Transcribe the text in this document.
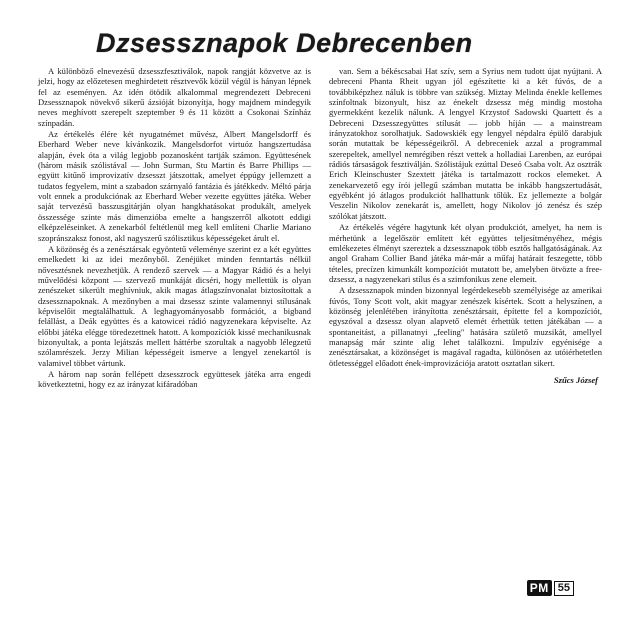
Dzsessznapok Debrecenben

A különböző elnevezésű dzsesszfesztiválok, napok rangját közvetve az is jelzi, hogy az előzetesen meghirdetett résztvevők közül végül is hányan lépnek fel az eseményen. Az idén ötödik alkalommal megrendezett Debreceni Dzsessznapok növekvő sikerű ázsióját bizonyítja, hogy majdnem mindegyik neves meghívott szerepelt szeptember 9 és 11 között a Csokonai Színház színpadán.

Az értékelés élére két nyugatnémet művész, Albert Mangelsdorff és Eberhard Weber neve kívánkozik. Mangelsdorfot virtuóz hangszertudása alapján, évek óta a világ legjobb pozanosként tartják számon. Együttesének (három másik szólistával — John Surman, Stu Martin és Barre Phillips — együtt kitűnő improvizatív dzsesszt játszottak, amelyet éppúgy jellemzett a tudatos fegyelem, mint a szabadon szárnyaló fantázia és játékkedv. Méltó párja volt ennek a produkciónak az Eberhard Weber vezette együttes játéka. Weber saját tervezésű basszusgitárján olyan hangkhatásokat produkált, amelyek összessége szinte más dimenzióba emelte a hangszerről alkotott eddigi elképzeléseinket. A zenekarból feltétlenül meg kell említeni Charlie Mariano szopránszaksz fonost, akl nagyszerű szólisztikus képességeket árult el.

A közönség és a zenésztársak egyöntetű véleménye szerint ez a két együttes emelkedett ki az idei mezőnyből. Zenéjüket minden fenntartás nélkül nővesztésnek nevezhetjük. A rendező szervek — a Magyar Rádió és a helyi művelődési központ — szervező munkáját dicséri, hogy mellettük is olyan zenészeket sikerült meghívniuk, akik magas átlagszínvonalat biztosítottak a dzsessznapoknak. A mezőnyben a mai dzsessz szinte valamennyi stílusának képviselőit megtalálhattuk. A leghagyományosabb formációt, a bigband felállást, a Deák együttes és a katowicei rádió nagyzenekara képviselte. Az előbbi játéka elégge töredezettnek hatott. A kompozíciók kissé mechanikusnak bizonyultak, a ponta lejátszás mellett háttérbe szorultak a nagyobb lélegzetű szólamrészek. Jerzy Milian képességeit ismerve a lengyel zenekartól is valamivel többet vártunk.

A három nap során fellépett dzsesszrock együttesek játéka arra engedi következtetni, hogy ez az irányzat kifáradóban

van. Sem a békéscsabai Hat szív, sem a Syrius nem tudott újat nyújtani. A debreceni Phanta Rheit ugyan jól egészítette ki a két fúvós, de a továbbiképzhez náluk is többre van szükség. Miztay Melinda énekle kellemes színfoltnak bizonyult, hisz az énekelt dzsessz még mindig mostoha gyermekként kezelik nálunk. A lengyel Krzystof Sadowski Quartett és a Debreceni Dzsesszegyüttes stílusát — jobb híján — a mainstream irányzatokhoz sorolhatjuk. Sadowskiék egy lengyel népdalra épülő darabjuk során mutattak be képességeikről. A debreceniek azzal a programmal szerepeltek, amellyel nemrégiben részt vettek a holladiai Larenben, az európai rádiós társaságok fesztiválján. Szólistájuk ezúttal Deseó Csaba volt. Az osztrák Erich Kleinschuster Szextett játéka is tartalmazott rockos elemeket. A zenekarvezető egy írói jellegű számban mutatta be inkább hangszertudását, egyébként jó átlagos produkciót hallhattunk tőlük. Ez jellemezte a bolgár Veszelin Nikolov zenekarát is, amellett, hogy Nikolov jó zenész és szép szólókat játszott.

Az értékelés végére hagytunk két olyan produkciót, amelyet, ha nem is mérhetünk a legelőször említett két együttes teljesítményéhez, mégis emlékezetes élményt szereztek a dzsessznapok több esztős hallgatóságának. Az angol Graham Collier Band játéka már-már a műfaj határait feszegette, több tételes, precízen kimunkált kompozíciót mutatott be, amelyben ötvözte a free-dzsessz, a nagyzenekari stílus és a szimfonikus zene elemeit.

A dzsessznapok minden bizonnyal legérdekesebb személyisége az amerikai fúvós, Tony Scott volt, akit magyar zenészek kísértek. Scott a helyszínen, a közönség jelenlétében irányította zenésztársait, építette fel a kompozíciót, egyszóval a dzsessz olyan alapvető elemét érhettük tetten játékában — a spontaneitást, a pillanatnyi „feeling" hatására születő muzsikát, amellyel manapság már szinte alig lehet találkozni. Impulzív egyénisége a zenésztársakat, a közönséget is magával ragadta, különösen az utóiérhetetlen ötletességgel előadott ének-improvizációja aratott osztatlan sikert.

Szűcs József

PM 55
